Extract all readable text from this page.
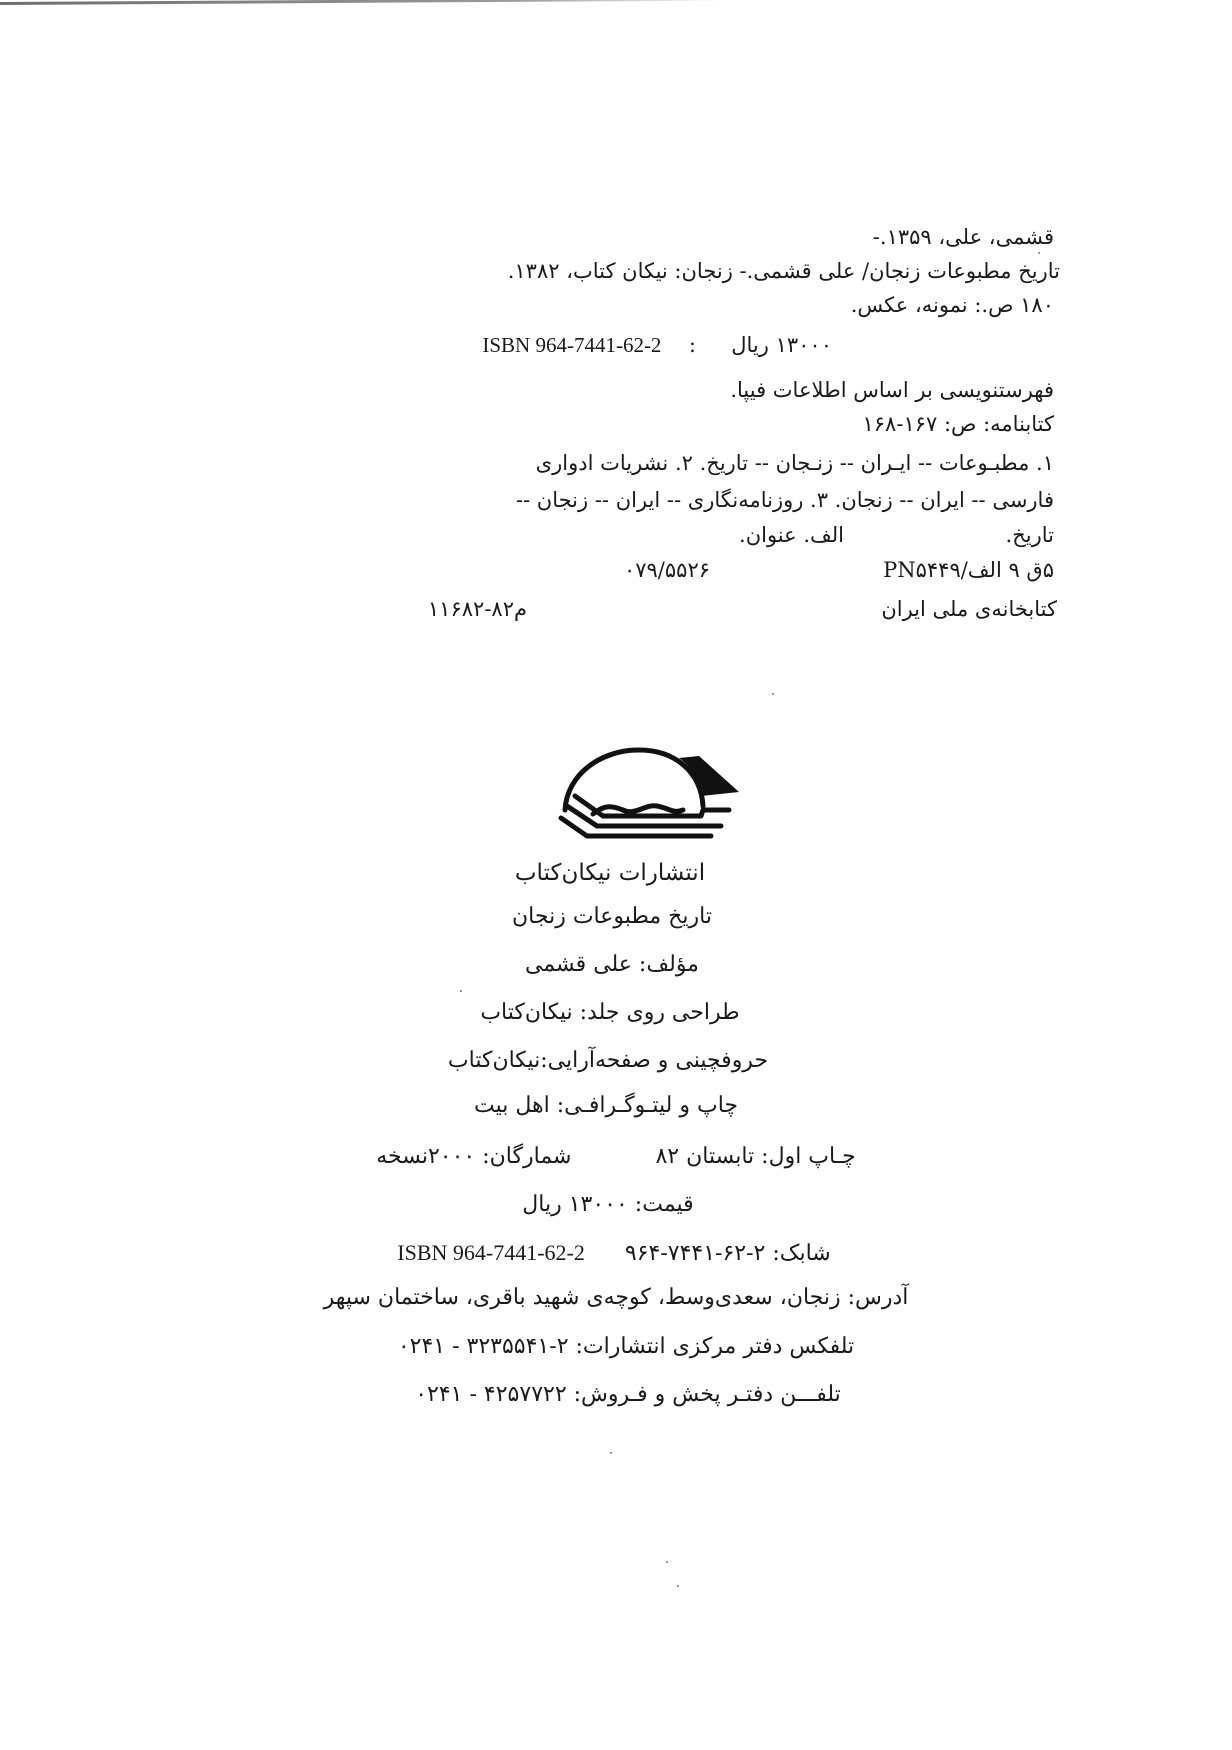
قشمی، علی، ۱۳۵۹.-
تاریخ مطبوعات زنجان/ علی قشمی.- زنجان: نیکان کتاب، ۱۳۸۲.
۱۸۰ ص.: نمونه، عکس.
۱۳۰۰۰ ریال  :  ISBN 964-7441-62-2
فهرستنویسی بر اساس اطلاعات فیپا.
کتابنامه: ص: ۱۶۷-۱۶۸
۱. مطبـوعات -- ایـران -- زنـجان -- تاریخ. ۲. نشریات ادواری
فارسی -- ایران -- زنجان. ۳. روزنامه‌نگاری -- ایران -- زنجان --
تاریخ.
الف. عنوان.
۵ق ۹ الف/PN۵۴۴۹
۰۷۹/۵۵۲۶
کتابخانه‌ی ملی ایران
م۸۲-۱۱۶۸۲
انتشارات نیکان‌کتاب
تاریخ مطبوعات زنجان
مؤلف: علی قشمی
طراحی روی جلد: نیکان‌کتاب
حروفچینی و صفحه‌آرایی:نیکان‌کتاب
چاپ و لیتـوگـرافـی: اهل بیت
چـاپ اول: تابستان ۸۲  شمارگان: ۲۰۰۰نسخه
قیمت: ۱۳۰۰۰ ریال
شابک: ۲-۶۲-۷۴۴۱-۹۶۴  ISBN 964-7441-62-2
آدرس: زنجان، سعدی‌وسط، کوچه‌ی شهید باقری، ساختمان سپهر
تلفکس دفتر مرکزی انتشارات: ۲-۳۲۳۵۵۴۱ - ۰۲۴۱
تلفـــن دفتـر پخش و فـروش: ۴۲۵۷۷۲۲ - ۰۲۴۱
